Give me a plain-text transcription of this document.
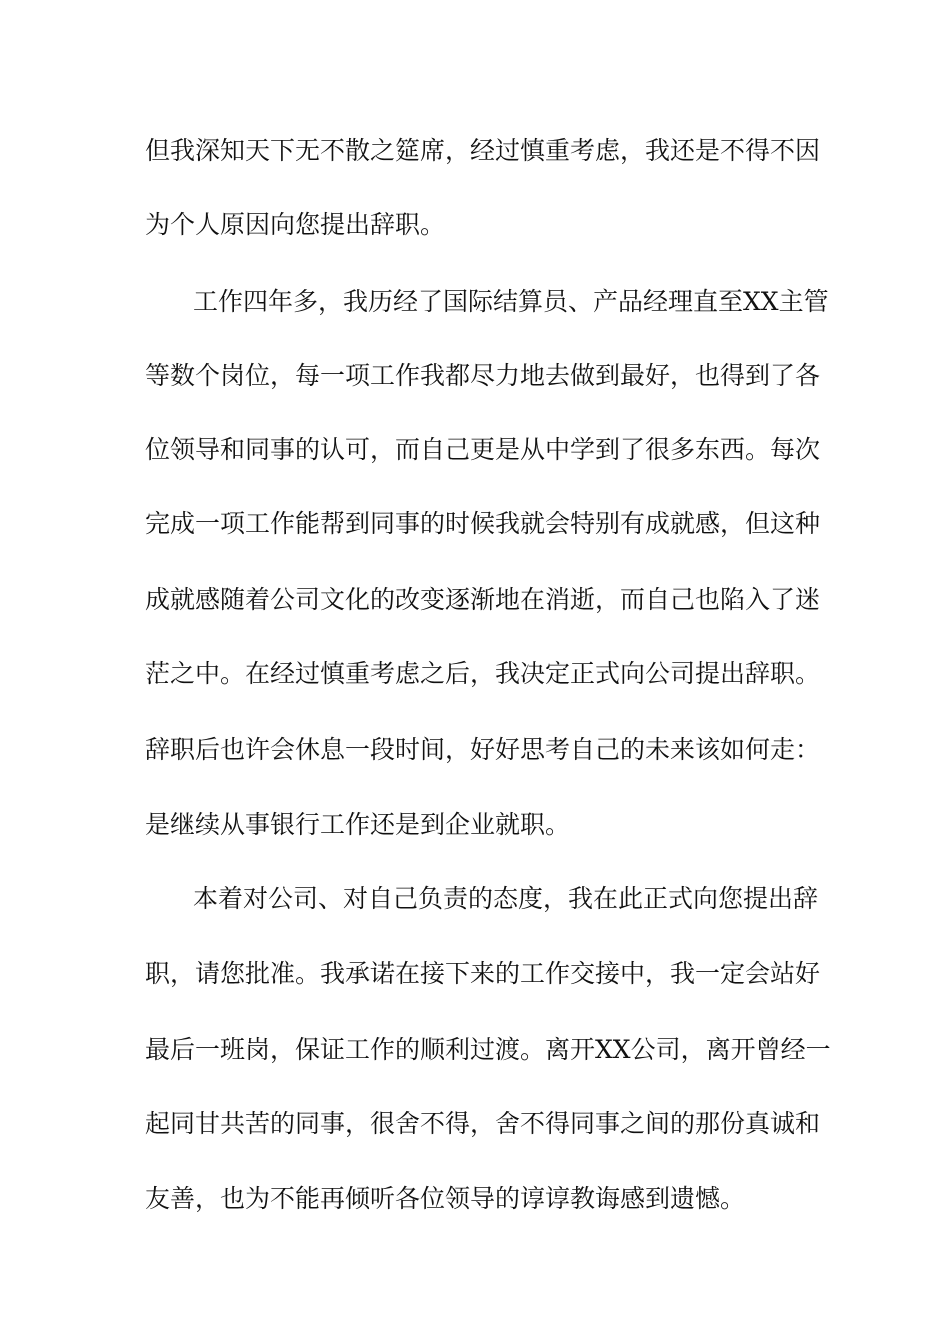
但我深知天下无不散之筵席，经过慎重考虑，我还是不得不因
为个人原因向您提出辞职。
工作四年多，我历经了国际结算员、产品经理直至XX主管
等数个岗位，每一项工作我都尽力地去做到最好，也得到了各
位领导和同事的认可，而自己更是从中学到了很多东西。每次
完成一项工作能帮到同事的时候我就会特别有成就感，但这种
成就感随着公司文化的改变逐渐地在消逝，而自己也陷入了迷
茫之中。在经过慎重考虑之后，我决定正式向公司提出辞职。
辞职后也许会休息一段时间，好好思考自己的未来该如何走：
是继续从事银行工作还是到企业就职。
本着对公司、对自己负责的态度，我在此正式向您提出辞
职，请您批准。我承诺在接下来的工作交接中，我一定会站好
最后一班岗，保证工作的顺利过渡。离开XX公司，离开曾经一
起同甘共苦的同事，很舍不得，舍不得同事之间的那份真诚和
友善，也为不能再倾听各位领导的谆谆教诲感到遗憾。
